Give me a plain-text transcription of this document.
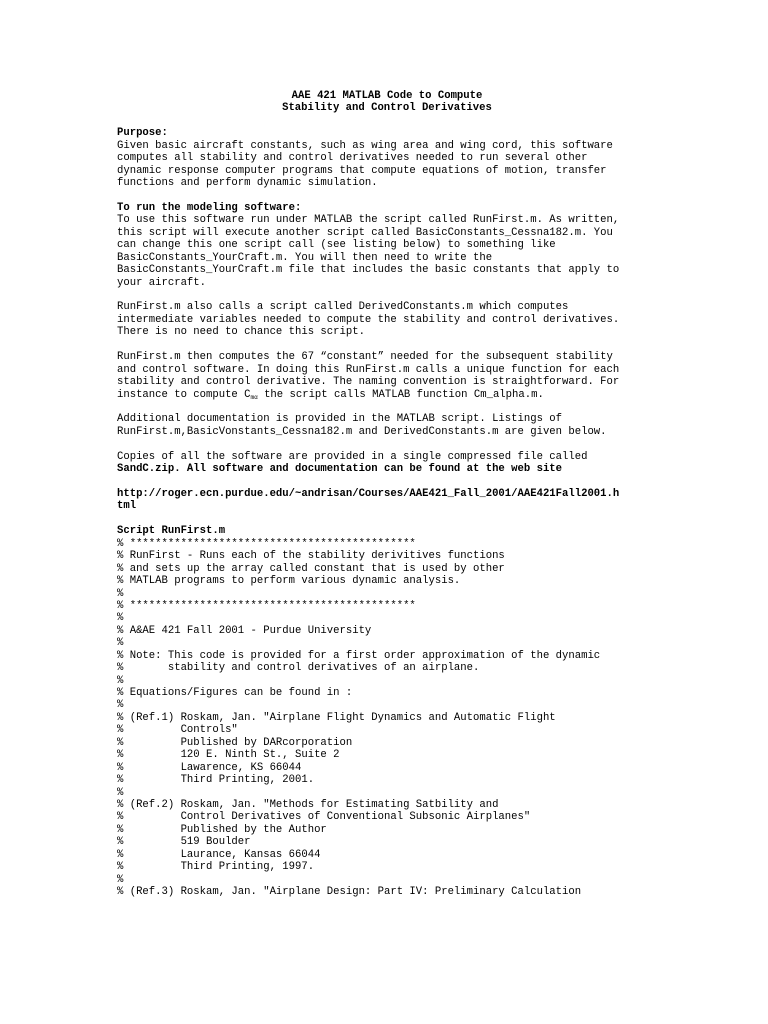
AAE 421 MATLAB Code to Compute
Stability and Control Derivatives
Purpose:
Given basic aircraft constants, such as wing area and wing cord, this software
computes all stability and control derivatives needed to run several other
dynamic response computer programs that compute equations of motion, transfer
functions and perform dynamic simulation.
To run the modeling software:
To use this software run under MATLAB the script called RunFirst.m. As written,
this script will execute another script called BasicConstants_Cessna182.m. You
can change this one script call (see listing below) to something like
BasicConstants_YourCraft.m. You will then need to write the
BasicConstants_YourCraft.m file that includes the basic constants that apply to
your aircraft.
RunFirst.m also calls a script called DerivedConstants.m which computes
intermediate variables needed to compute the stability and control derivatives.
There is no need to chance this script.
RunFirst.m then computes the 67 “constant” needed for the subsequent stability
and control software. In doing this RunFirst.m calls a unique function for each
stability and control derivative. The naming convention is straightforward. For
instance to compute $C_{m\alpha}$ the script calls MATLAB function Cm_alpha.m.
Additional documentation is provided in the MATLAB script. Listings of
RunFirst.m,BasicVonstants_Cessna182.m and DerivedConstants.m are given below.
Copies of all the software are provided in a single compressed file called
SandC.zip. All software and documentation can be found at the web site
http://roger.ecn.purdue.edu/~andrisan/Courses/AAE421_Fall_2001/AAE421Fall2001.h
tml
Script RunFirst.m
% *********************************************
% RunFirst - Runs each of the stability derivitives functions
% and sets up the array called constant that is used by other
% MATLAB programs to perform various dynamic analysis.
%
% *********************************************
%
% A&AE 421 Fall 2001 - Purdue University
%
% Note: This code is provided for a first order approximation of the dynamic
%       stability and control derivatives of an airplane.
%
% Equations/Figures can be found in :
%
% (Ref.1) Roskam, Jan. "Airplane Flight Dynamics and Automatic Flight
%         Controls"
%         Published by DARcorporation
%         120 E. Ninth St., Suite 2
%         Lawarence, KS 66044
%         Third Printing, 2001.
%
% (Ref.2) Roskam, Jan. "Methods for Estimating Satbility and
%         Control Derivatives of Conventional Subsonic Airplanes"
%         Published by the Author
%         519 Boulder
%         Laurance, Kansas 66044
%         Third Printing, 1997.
%
% (Ref.3) Roskam, Jan. "Airplane Design: Part IV: Preliminary Calculation
